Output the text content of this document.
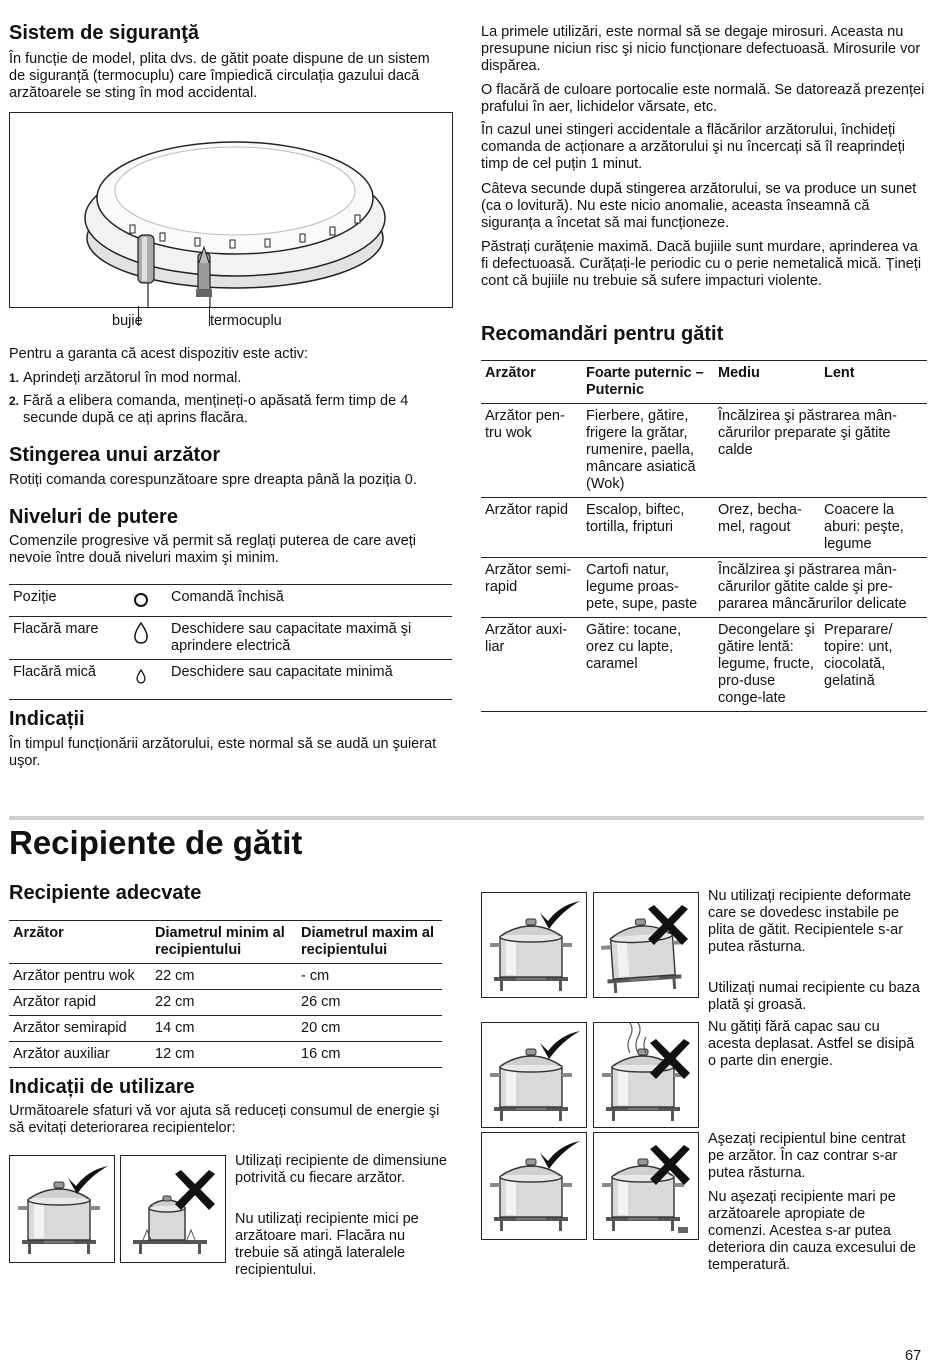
Sistem de siguranţă

În funcție de model, plita dvs. de gătit poate dispune de un sistem de siguranță (termocuplu) care împiedică circulația gazului dacă arzătoarele se sting în mod accidental.

bujie	termocuplu

Pentru a garanta că acest dispozitiv este activ:

1. Aprindeți arzătorul în mod normal.
2. Fără a elibera comanda, mențineți-o apăsată ferm timp de 4 secunde după ce ați aprins flacăra.
Stingerea unui arzător

Rotiți comanda corespunzătoare spre dreapta până la poziția 0.

Niveluri de putere

Comenzile progresive vă permit să reglați puterea de care aveți nevoie între două niveluri maxim şi minim.

Poziție		Comandă închisă
Flacără mare		Deschidere sau capacitate maximă şi aprindere electrică
Flacără mică		Deschidere sau capacitate minimă
Indicații

În timpul funcționării arzătorului, este normal să se audă un şuierat uşor.

La primele utilizări, este normal să se degaje mirosuri. Aceasta nu presupune niciun risc şi nicio funcționare defectuoasă. Mirosurile vor dispărea.

O flacără de culoare portocalie este normală. Se datorează prezenței prafului în aer, lichidelor vărsate, etc.

În cazul unei stingeri accidentale a flăcărilor arzătorului, închideți comanda de acționare a arzătorului şi nu încercați să îl reaprindeți timp de cel puțin 1 minut.

Câteva secunde după stingerea arzătorului, se va produce un sunet (ca o lovitură). Nu este nicio anomalie, aceasta înseamnă că siguranța a încetat să mai funcționeze.

Păstrați curățenie maximă. Dacă bujiile sunt murdare, aprinderea va fi defectuoasă. Curățați-le periodic cu o perie nemetalică mică. Țineți cont că bujiile nu trebuie să sufere impacturi violente.

Recomandări pentru gătit
Arzător	Foarte puternic – Puternic	Mediu	Lent
Arzător pen-tru wok	Fierbere, gătire, frigere la grătar, rumenire, paella, mâncare asiatică (Wok)	Încălzirea şi păstrarea mân-cărurilor preparate şi gătite calde	
Arzător rapid	Escalop, biftec, tortilla, fripturi	Orez, becha-mel, ragout	Coacere la aburi: peşte, legume
Arzător semi-rapid	Cartofi natur, legume proas-pete, supe, paste	Încălzirea şi păstrarea mân-cărurilor gătite calde şi pre-pararea mâncărurilor delicate	
Arzător auxi-liar	Gătire: tocane, orez cu lapte, caramel	Decongelare şi gătire lentă: legume, fructe, pro-duse conge-late	Preparare/ topire: unt, ciocolată, gelatină
Recipiente de gătit
Recipiente adecvate
Arzător	Diametrul minim al recipientului	Diametrul maxim al recipientului
Arzător pentru wok	22 cm	- cm
Arzător rapid	22 cm	26 cm
Arzător semirapid	14 cm	20 cm
Arzător auxiliar	12 cm	16 cm
Indicații de utilizare

Următoarele sfaturi vă vor ajuta să reduceți consumul de energie şi să evitați deteriorarea recipientelor:

Utilizați recipiente de dimensiune potrivită cu fiecare arzător.

Nu utilizați recipiente mici pe arzătoare mari. Flacăra nu trebuie să atingă lateralele recipientului.

Nu utilizați recipiente deformate care se dovedesc instabile pe plita de gătit. Recipientele s-ar putea răsturna.

Utilizați numai recipiente cu baza plată şi groasă.

Nu gătiți fără capac sau cu acesta deplasat. Astfel se disipă o parte din energie.

Aşezați recipientul bine centrat pe arzător. În caz contrar s-ar putea răsturna.

Nu aşezați recipiente mari pe arzătoarele apropiate de comenzi. Acestea s-ar putea deteriora din cauza excesului de temperatură.

67
